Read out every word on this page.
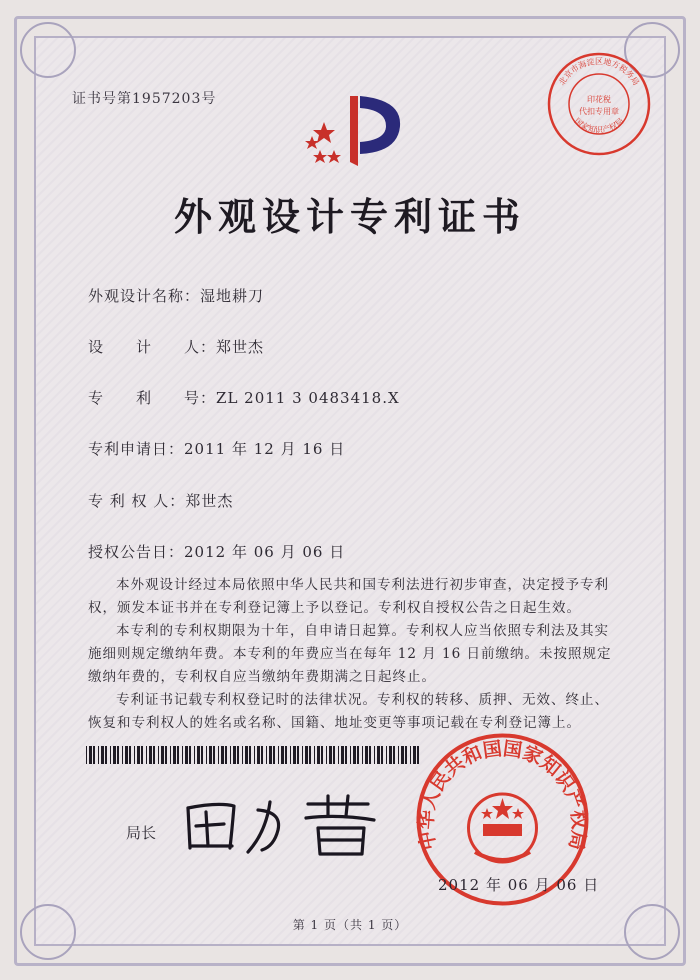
证书号第1957203号
北京市海淀区地方税务局
印花税
代扣专用章
国家知识产权局
外观设计专利证书
外观设计名称：湿地耕刀
设　　计　　人：郑世杰
专　　利　　号：ZL 2011 3 0483418.X
专利申请日：2011 年 12 月 16 日
专 利 权 人：郑世杰
授权公告日：2012 年 06 月 06 日

本外观设计经过本局依照中华人民共和国专利法进行初步审查，决定授予专利权，颁发本证书并在专利登记簿上予以登记。专利权自授权公告之日起生效。

本专利的专利权期限为十年，自申请日起算。专利权人应当依照专利法及其实施细则规定缴纳年费。本专利的年费应当在每年 12 月 16 日前缴纳。未按照规定缴纳年费的，专利权自应当缴纳年费期满之日起终止。

专利证书记载专利权登记时的法律状况。专利权的转移、质押、无效、终止、恢复和专利权人的姓名或名称、国籍、地址变更等事项记载在专利登记簿上。

局长	中华人民共和国国家知识产权局
2012 年 06 月 06 日
第 1 页（共 1 页）
